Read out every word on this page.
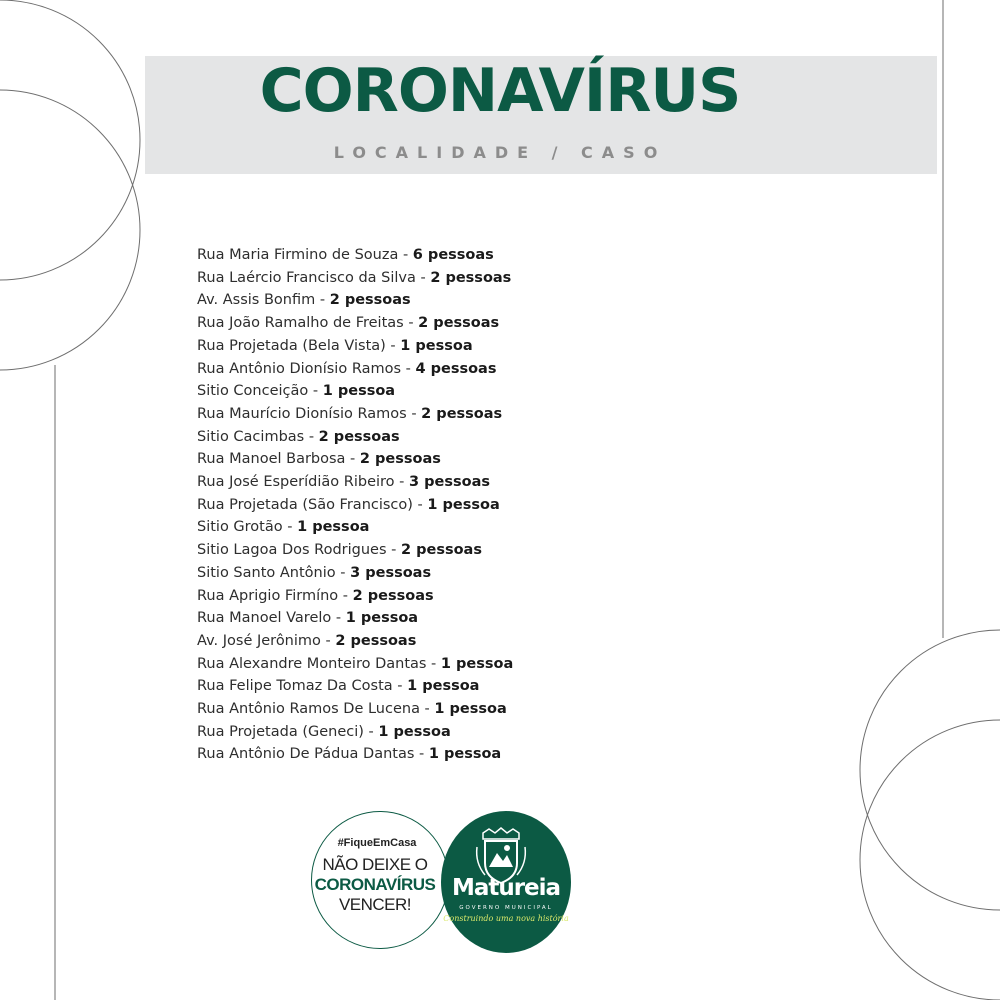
CORONAVÍRUS
LOCALIDADE / CASO
Rua Maria Firmino de Souza - 6 pessoas
Rua Laércio Francisco da Silva - 2 pessoas
Av. Assis Bonfim - 2 pessoas
Rua João Ramalho de Freitas - 2 pessoas
Rua Projetada (Bela Vista) - 1 pessoa
Rua Antônio Dionísio Ramos - 4 pessoas
Sitio Conceição - 1 pessoa
Rua Maurício Dionísio Ramos - 2 pessoas
Sitio Cacimbas - 2 pessoas
Rua Manoel Barbosa - 2 pessoas
Rua José Esperídião Ribeiro - 3 pessoas
Rua Projetada (São Francisco) - 1 pessoa
Sitio Grotão - 1 pessoa
Sitio Lagoa Dos Rodrigues - 2 pessoas
Sitio Santo Antônio - 3 pessoas
Rua Aprigio Firmíno - 2 pessoas
Rua Manoel Varelo - 1 pessoa
Av. José Jerônimo - 2 pessoas
Rua Alexandre Monteiro Dantas - 1 pessoa
Rua Felipe Tomaz Da Costa - 1 pessoa
Rua Antônio Ramos De Lucena - 1 pessoa
Rua Projetada (Geneci) - 1 pessoa
Rua Antônio De Pádua Dantas - 1 pessoa
#FiqueEmCasa
NÃO DEIXE O
CORONAVÍRUS
VENCER!
Matureia
GOVERNO MUNICIPAL
Construindo uma nova história
